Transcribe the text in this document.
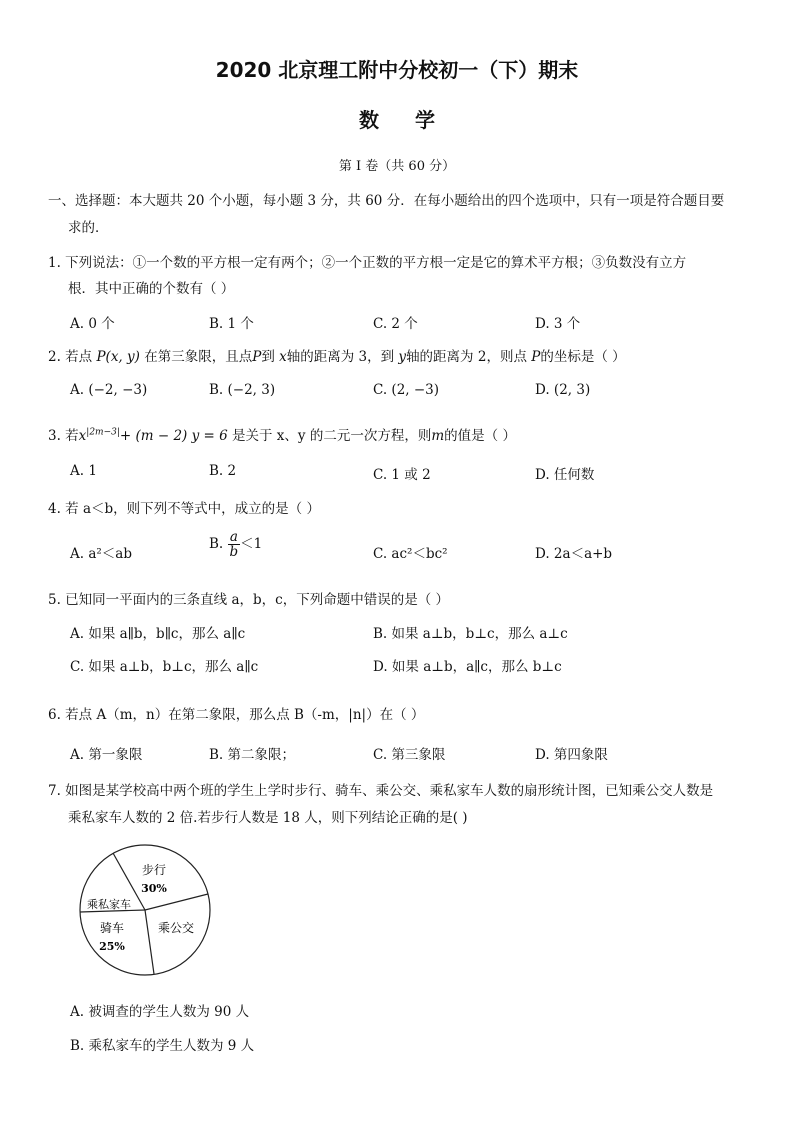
2020 北京理工附中分校初一（下）期末
数学
第 I 卷（共 60 分）
一、选择题：本大题共 20 个小题，每小题 3 分，共 60 分．在每小题给出的四个选项中，只有一项是符合题目要
求的．
1. 下列说法：①一个数的平方根一定有两个；②一个正数的平方根一定是它的算术平方根；③负数没有立方
根．其中正确的个数有（ ）
A. 0 个	B. 1 个	C. 2 个	D. 3 个
2. 若点 P(x, y) 在第三象限，且点P到 x轴的距离为 3，到 y轴的距离为 2，则点 P的坐标是（ ）
A. (−2, −3)	B. (−2, 3)	C. (2, −3)	D. (2, 3)
3. 若$x^{|2m-3|}+ (m - 2) y = 6$ 是关于 x、y 的二元一次方程，则m的值是（ ）
A. 1	B. 2	C. 1 或 2	D. 任何数
4. 若 a＜b，则下列不等式中，成立的是（ ）
A. a²＜ab
B. $\frac{a}{b} <1$
C. ac²＜bc²	D. 2a＜a+b
5. 已知同一平面内的三条直线 a，b，c，下列命题中错误的是（ ）
A. 如果 a∥b，b∥c，那么 a∥c	B. 如果 a⊥b，b⊥c，那么 a⊥c
C. 如果 a⊥b，b⊥c，那么 a∥c	D. 如果 a⊥b，a∥c，那么 b⊥c
6. 若点 A（m，n）在第二象限，那么点 B（-m，|n|）在（ ）
A. 第一象限	B. 第二象限；	C. 第三象限	D. 第四象限
7. 如图是某学校高中两个班的学生上学时步行、骑车、乘公交、乘私家车人数的扇形统计图，已知乘公交人数是
乘私家车人数的 2 倍.若步行人数是 18 人，则下列结论正确的是( )
步行
30%
乘公交
骑车
25%
乘私家车
A. 被调查的学生人数为 90 人
B. 乘私家车的学生人数为 9 人
